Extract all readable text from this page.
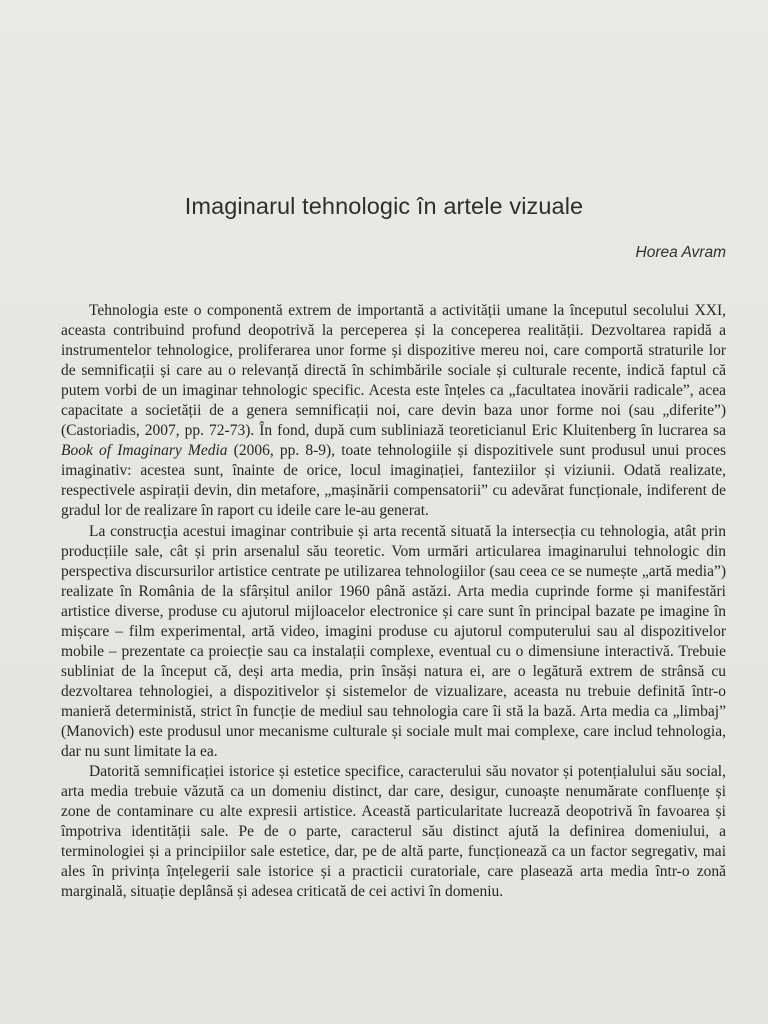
Imaginarul tehnologic în artele vizuale
Horea Avram

Tehnologia este o componentă extrem de importantă a activității umane la începutul secolului XXI, aceasta contribuind profund deopotrivă la perceperea și la conceperea realității. Dezvoltarea rapidă a instrumentelor tehnologice, proliferarea unor forme și dispozitive mereu noi, care comportă straturile lor de semnificații și care au o relevanță directă în schimbările sociale și culturale recente, indică faptul că putem vorbi de un imaginar tehnologic specific. Acesta este înțeles ca „facultatea inovării radicale”, acea capacitate a societății de a genera semnificații noi, care devin baza unor forme noi (sau „diferite”) (Castoriadis, 2007, pp. 72-73). În fond, după cum subliniază teoreticianul Eric Kluitenberg în lucrarea sa Book of Imaginary Media (2006, pp. 8-9), toate tehnologiile și dispozitivele sunt produsul unui proces imaginativ: acestea sunt, înainte de orice, locul imaginației, fanteziilor și viziunii. Odată realizate, respectivele aspirații devin, din metafore, „mașinării compensatorii” cu adevărat funcționale, indiferent de gradul lor de realizare în raport cu ideile care le-au generat.

La construcția acestui imaginar contribuie și arta recentă situată la intersecția cu tehnologia, atât prin producțiile sale, cât și prin arsenalul său teoretic. Vom urmări articularea imaginarului tehnologic din perspectiva discursurilor artistice centrate pe utilizarea tehnologiilor (sau ceea ce se numește „artă media”) realizate în România de la sfârșitul anilor 1960 până astăzi. Arta media cuprinde forme și manifestări artistice diverse, produse cu ajutorul mijloacelor electronice și care sunt în principal bazate pe imagine în mișcare – film experimental, artă video, imagini produse cu ajutorul computerului sau al dispozitivelor mobile – prezentate ca proiecție sau ca instalații complexe, eventual cu o dimensiune interactivă. Trebuie subliniat de la început că, deși arta media, prin însăși natura ei, are o legătură extrem de strânsă cu dezvoltarea tehnologiei, a dispozitivelor și sistemelor de vizualizare, aceasta nu trebuie definită într-o manieră deterministă, strict în funcție de mediul sau tehnologia care îi stă la bază. Arta media ca „limbaj” (Manovich) este produsul unor mecanisme culturale și sociale mult mai complexe, care includ tehnologia, dar nu sunt limitate la ea.

Datorită semnificației istorice și estetice specifice, caracterului său novator și potențialului său social, arta media trebuie văzută ca un domeniu distinct, dar care, desigur, cunoaște nenumărate confluențe și zone de contaminare cu alte expresii artistice. Această particularitate lucrează deopotrivă în favoarea și împotriva identității sale. Pe de o parte, caracterul său distinct ajută la definirea domeniului, a terminologiei și a principiilor sale estetice, dar, pe de altă parte, funcționează ca un factor segregativ, mai ales în privința înțelegerii sale istorice și a practicii curatoriale, care plasează arta media într-o zonă marginală, situație deplânsă și adesea criticată de cei activi în domeniu.
